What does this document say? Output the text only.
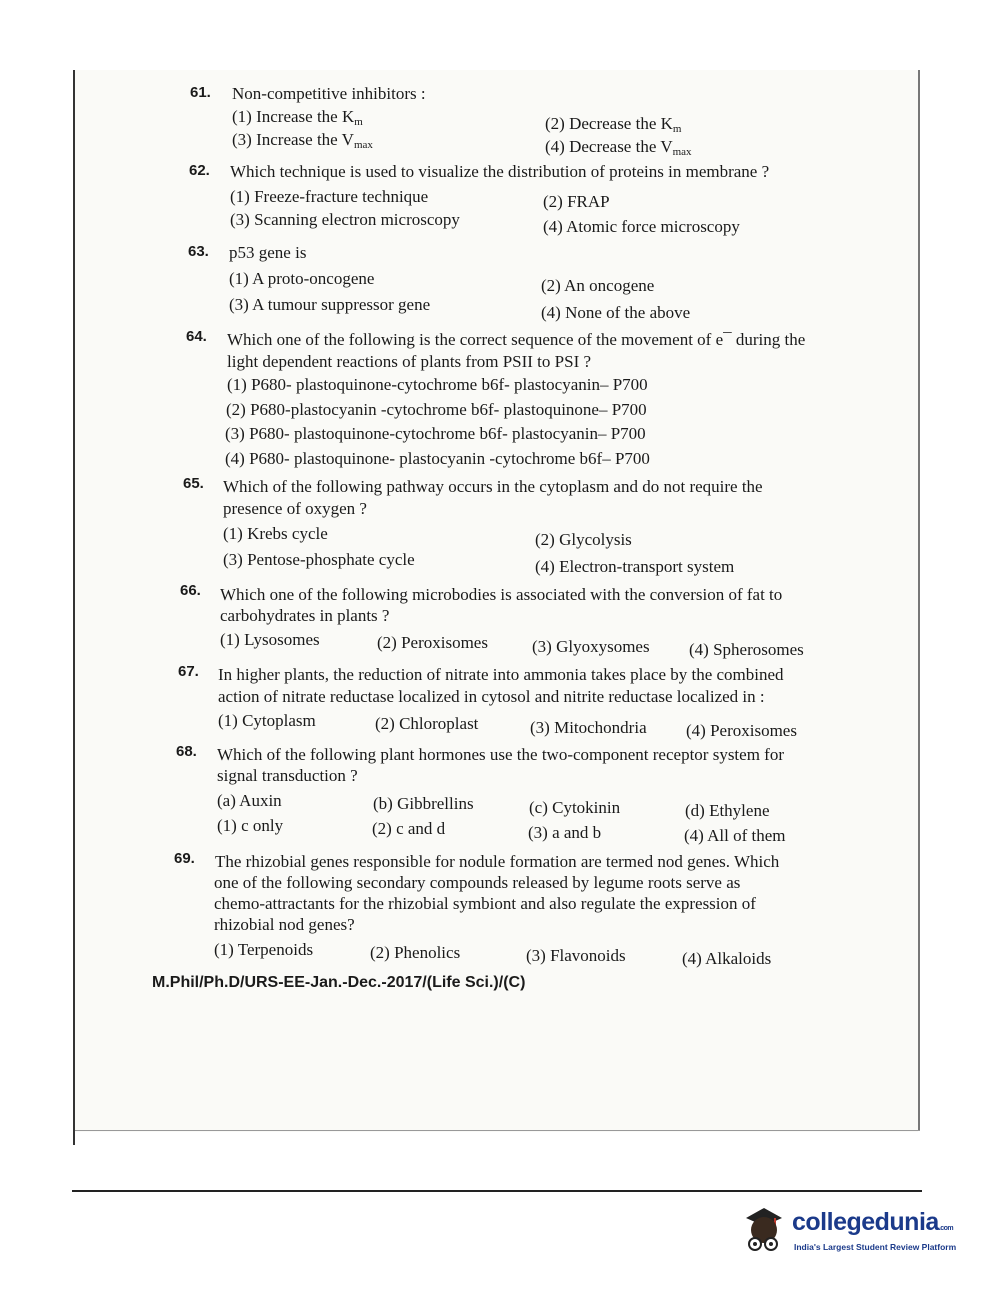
61. Non-competitive inhibitors :
(1) Increase the $K_m$	(2) Decrease the $K_m$
(3) Increase the $V_{max}$	(4) Decrease the $V_{max}$
62. Which technique is used to visualize the distribution of proteins in membrane ?
(1) Freeze-fracture technique	(2) FRAP
(3) Scanning electron microscopy	(4) Atomic force microscopy
63. p53 gene is
(1) A proto-oncogene	(2) An oncogene
(3) A tumour suppressor gene	(4) None of the above
64. Which one of the following is the correct sequence of the movement of e¯ during the
light dependent reactions of plants from PSII to PSI ?
(1) P680- plastoquinone-cytochrome b6f- plastocyanin– P700
(2) P680-plastocyanin -cytochrome b6f- plastoquinone– P700
(3) P680- plastoquinone-cytochrome b6f- plastocyanin– P700
(4) P680- plastoquinone- plastocyanin -cytochrome b6f– P700
65. Which of the following pathway occurs in the cytoplasm and do not require the
presence of oxygen ?
(1) Krebs cycle	(2) Glycolysis
(3) Pentose-phosphate cycle	(4) Electron-transport system
66. Which one of the following microbodies is associated with the conversion of fat to
carbohydrates in plants ?
(1) Lysosomes	(2) Peroxisomes	(3) Glyoxysomes (4) Spherosomes
67. In higher plants, the reduction of nitrate into ammonia takes place by the combined
action of nitrate reductase localized in cytosol and nitrite reductase localized in :
(1) Cytoplasm	(2) Chloroplast	(3) Mitochondria (4) Peroxisomes
68. Which of the following plant hormones use the two-component receptor system for
signal transduction ?
(a) Auxin	(b) Gibbrellins	(c) Cytokinin	(d) Ethylene
(1) c only	(2) c and d	(3) a and b	(4) All of them
69. The rhizobial genes responsible for nodule formation are termed nod genes. Which
one of the following secondary compounds released by legume roots serve as
chemo-attractants for the rhizobial symbiont and also regulate the expression of
rhizobial nod genes?
(1) Terpenoids	(2) Phenolics	(3) Flavonoids	(4) Alkaloids
M.Phil/Ph.D/URS-EE-Jan.-Dec.-2017/(Life Sci.)/(C)
collegedunia.com
India's Largest Student Review Platform
